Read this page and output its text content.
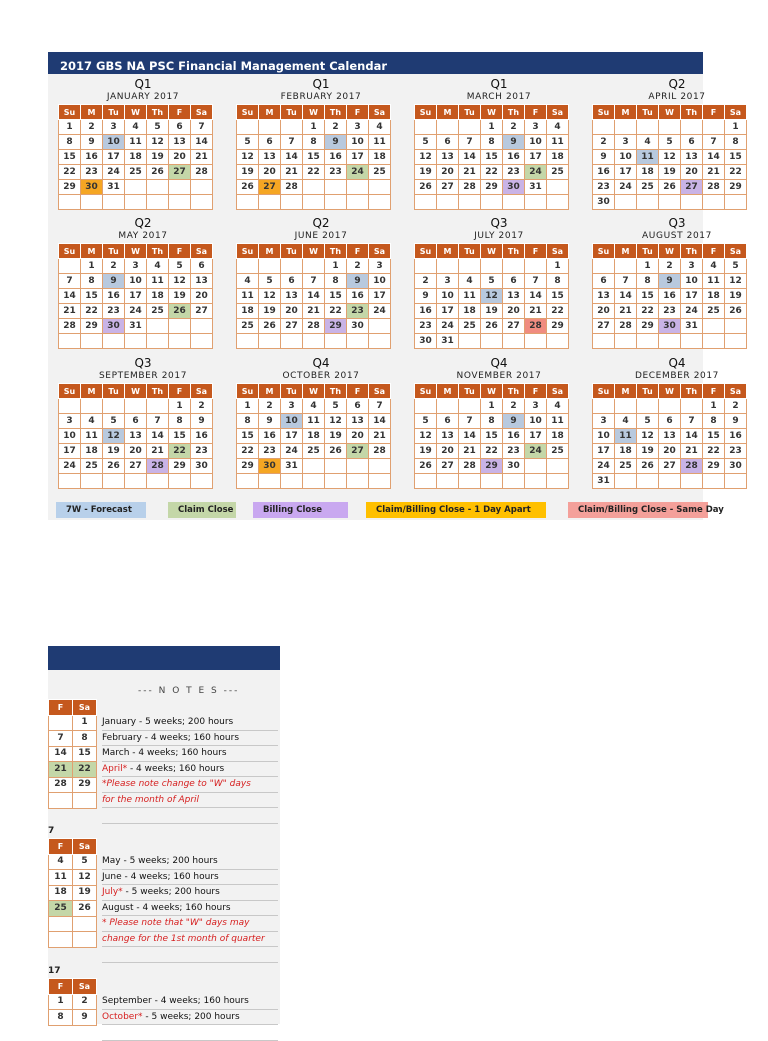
2017 GBS NA PSC Financial Management Calendar
Q1
JANUARY 2017
Su	M	Tu	W	Th	F	Sa
1	2	3	4	5	6	7
8	9	10	11	12	13	14
15	16	17	18	19	20	21
22	23	24	25	26	27	28
29	30	31				

Q1
FEBRUARY 2017
Su	M	Tu	W	Th	F	Sa
			1	2	3	4
5	6	7	8	9	10	11
12	13	14	15	16	17	18
19	20	21	22	23	24	25
26	27	28				

Q1
MARCH 2017
Su	M	Tu	W	Th	F	Sa
			1	2	3	4
5	6	7	8	9	10	11
12	13	14	15	16	17	18
19	20	21	22	23	24	25
26	27	28	29	30	31	

Q2
APRIL 2017
Su	M	Tu	W	Th	F	Sa
						1
2	3	4	5	6	7	8
9	10	11	12	13	14	15
16	17	18	19	20	21	22
23	24	25	26	27	28	29
30						
Q2
MAY 2017
Su	M	Tu	W	Th	F	Sa
	1	2	3	4	5	6
7	8	9	10	11	12	13
14	15	16	17	18	19	20
21	22	23	24	25	26	27
28	29	30	31			

Q2
JUNE 2017
Su	M	Tu	W	Th	F	Sa
				1	2	3
4	5	6	7	8	9	10
11	12	13	14	15	16	17
18	19	20	21	22	23	24
25	26	27	28	29	30	

Q3
JULY 2017
Su	M	Tu	W	Th	F	Sa
						1
2	3	4	5	6	7	8
9	10	11	12	13	14	15
16	17	18	19	20	21	22
23	24	25	26	27	28	29
30	31					
Q3
AUGUST 2017
Su	M	Tu	W	Th	F	Sa
		1	2	3	4	5
6	7	8	9	10	11	12
13	14	15	16	17	18	19
20	21	22	23	24	25	26
27	28	29	30	31		

Q3
SEPTEMBER 2017
Su	M	Tu	W	Th	F	Sa
					1	2
3	4	5	6	7	8	9
10	11	12	13	14	15	16
17	18	19	20	21	22	23
24	25	26	27	28	29	30

Q4
OCTOBER 2017
Su	M	Tu	W	Th	F	Sa
1	2	3	4	5	6	7
8	9	10	11	12	13	14
15	16	17	18	19	20	21
22	23	24	25	26	27	28
29	30	31				

Q4
NOVEMBER 2017
Su	M	Tu	W	Th	F	Sa
			1	2	3	4
5	6	7	8	9	10	11
12	13	14	15	16	17	18
19	20	21	22	23	24	25
26	27	28	29	30		

Q4
DECEMBER 2017
Su	M	Tu	W	Th	F	Sa
					1	2
3	4	5	6	7	8	9
10	11	12	13	14	15	16
17	18	19	20	21	22	23
24	25	26	27	28	29	30
31						
7W - Forecast	Claim Close	Billing Close	Claim/Billing Close - 1 Day Apart	Claim/Billing Close - Same Day
--- N O T E S ---
F	Sa
	1
7	8
14	15
21	22
28	29

F	Sa
4	5
11	12
18	19
25	26

F	Sa
1	2
8	9
7
17
January - 5 weeks; 200 hours
February - 4 weeks; 160 hours
March - 4 weeks; 160 hours
April* - 4 weeks; 160 hours
*Please note change to "W" days
for the month of April
May - 5 weeks; 200 hours
June - 4 weeks; 160 hours
July* - 5 weeks; 200 hours
August - 4 weeks; 160 hours
* Please note that "W" days may
change for the 1st month of quarter
September - 4 weeks; 160 hours
October* - 5 weeks; 200 hours
